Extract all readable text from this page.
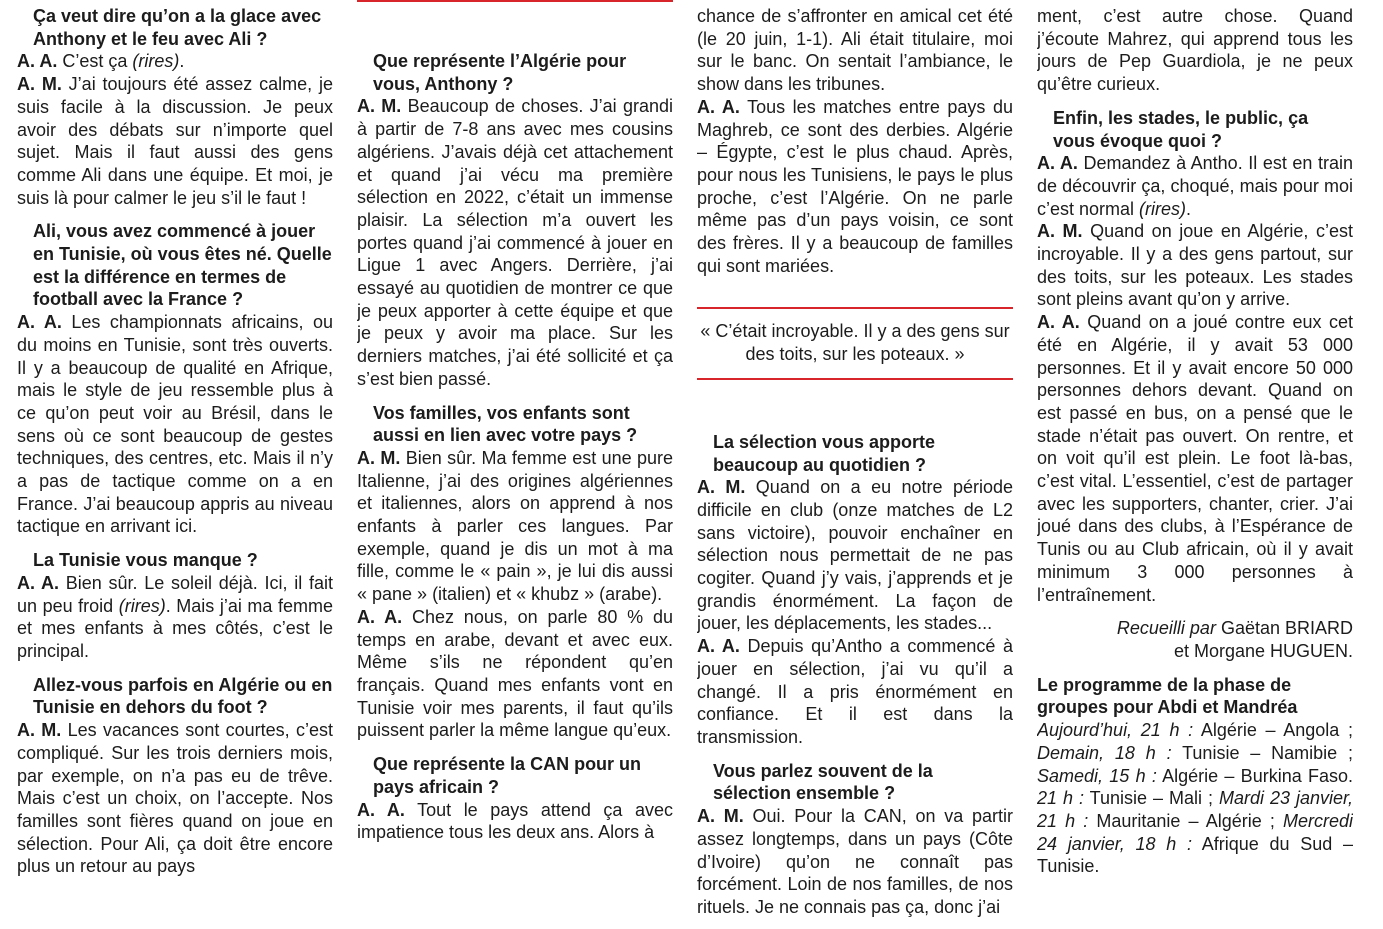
Ça veut dire qu’on a la glace avec Anthony et le feu avec Ali ?
A. A. C’est ça (rires).
A. M. J’ai toujours été assez calme, je suis facile à la discussion. Je peux avoir des débats sur n’importe quel sujet. Mais il faut aussi des gens comme Ali dans une équipe. Et moi, je suis là pour calmer le jeu s’il le faut !
Ali, vous avez commencé à jouer en Tunisie, où vous êtes né. Quelle est la différence en termes de football avec la France ?
A. A. Les championnats africains, ou du moins en Tunisie, sont très ouverts. Il y a beaucoup de qualité en Afrique, mais le style de jeu ressemble plus à ce qu’on peut voir au Brésil, dans le sens où ce sont beaucoup de gestes techniques, des centres, etc. Mais il n’y a pas de tactique comme on a en France. J’ai beaucoup appris au niveau tactique en arrivant ici.
La Tunisie vous manque ?
A. A. Bien sûr. Le soleil déjà. Ici, il fait un peu froid (rires). Mais j’ai ma femme et mes enfants à mes côtés, c’est le principal.
Allez-vous parfois en Algérie ou en Tunisie en dehors du foot ?
A. M. Les vacances sont courtes, c’est compliqué. Sur les trois derniers mois, par exemple, on n’a pas eu de trêve. Mais c’est un choix, on l’accepte. Nos familles sont fières quand on joue en sélection. Pour Ali, ça doit être encore plus un retour au pays
Que représente l’Algérie pour vous, Anthony ?
A. M. Beaucoup de choses. J’ai grandi à partir de 7-8 ans avec mes cousins algériens. J’avais déjà cet attachement et quand j’ai vécu ma première sélection en 2022, c’était un immense plaisir. La sélection m’a ouvert les portes quand j’ai commencé à jouer en Ligue 1 avec Angers. Derrière, j’ai essayé au quotidien de montrer ce que je peux apporter à cette équipe et que je peux y avoir ma place. Sur les derniers matches, j’ai été sollicité et ça s’est bien passé.
Vos familles, vos enfants sont aussi en lien avec votre pays ?
A. M. Bien sûr. Ma femme est une pure Italienne, j’ai des origines algériennes et italiennes, alors on apprend à nos enfants à parler ces langues. Par exemple, quand je dis un mot à ma fille, comme le « pain », je lui dis aussi « pane » (italien) et « khubz » (arabe).
A. A. Chez nous, on parle 80 % du temps en arabe, devant et avec eux. Même s’ils ne répondent qu’en français. Quand mes enfants vont en Tunisie voir mes parents, il faut qu’ils puissent parler la même langue qu’eux.
Que représente la CAN pour un pays africain ?
A. A. Tout le pays attend ça avec impatience tous les deux ans. Alors à
chance de s’affronter en amical cet été (le 20 juin, 1-1). Ali était titulaire, moi sur le banc. On sentait l’ambiance, le show dans les tribunes.
A. A. Tous les matches entre pays du Maghreb, ce sont des derbies. Algérie – Égypte, c’est le plus chaud. Après, pour nous les Tunisiens, le pays le plus proche, c’est l’Algérie. On ne parle même pas d’un pays voisin, ce sont des frères. Il y a beaucoup de familles qui sont mariées.
« C’était incroyable. Il y a des gens sur des toits, sur les poteaux. »
La sélection vous apporte beaucoup au quotidien ?
A. M. Quand on a eu notre période difficile en club (onze matches de L2 sans victoire), pouvoir enchaîner en sélection nous permettait de ne pas cogiter. Quand j’y vais, j’apprends et je grandis énormément. La façon de jouer, les déplacements, les stades...
A. A. Depuis qu’Antho a commencé à jouer en sélection, j’ai vu qu’il a changé. Il a pris énormément en confiance. Et il est dans la transmission.
Vous parlez souvent de la sélection ensemble ?
A. M. Oui. Pour la CAN, on va partir assez longtemps, dans un pays (Côte d’Ivoire) qu’on ne connaît pas forcément. Loin de nos familles, de nos rituels. Je ne connais pas ça, donc j’ai
ment, c’est autre chose. Quand j’écoute Mahrez, qui apprend tous les jours de Pep Guardiola, je ne peux qu’être curieux.
Enfin, les stades, le public, ça vous évoque quoi ?
A. A. Demandez à Antho. Il est en train de découvrir ça, choqué, mais pour moi c’est normal (rires).
A. M. Quand on joue en Algérie, c’est incroyable. Il y a des gens partout, sur des toits, sur les poteaux. Les stades sont pleins avant qu’on y arrive.
A. A. Quand on a joué contre eux cet été en Algérie, il y avait 53 000 personnes. Et il y avait encore 50 000 personnes dehors devant. Quand on est passé en bus, on a pensé que le stade n’était pas ouvert. On rentre, et on voit qu’il est plein. Le foot là-bas, c’est vital. L’essentiel, c’est de partager avec les supporters, chanter, crier. J’ai joué dans des clubs, à l’Espérance de Tunis ou au Club africain, où il y avait minimum 3 000 personnes à l’entraînement.
Recueilli par Gaëtan BRIARD
et Morgane HUGUEN.
Le programme de la phase de groupes pour Abdi et Mandréa
Aujourd’hui, 21 h : Algérie – Angola ; Demain, 18 h : Tunisie – Namibie ; Samedi, 15 h : Algérie – Burkina Faso. 21 h : Tunisie – Mali ; Mardi 23 janvier, 21 h : Mauritanie – Algérie ; Mercredi 24 janvier, 18 h : Afrique du Sud – Tunisie.
